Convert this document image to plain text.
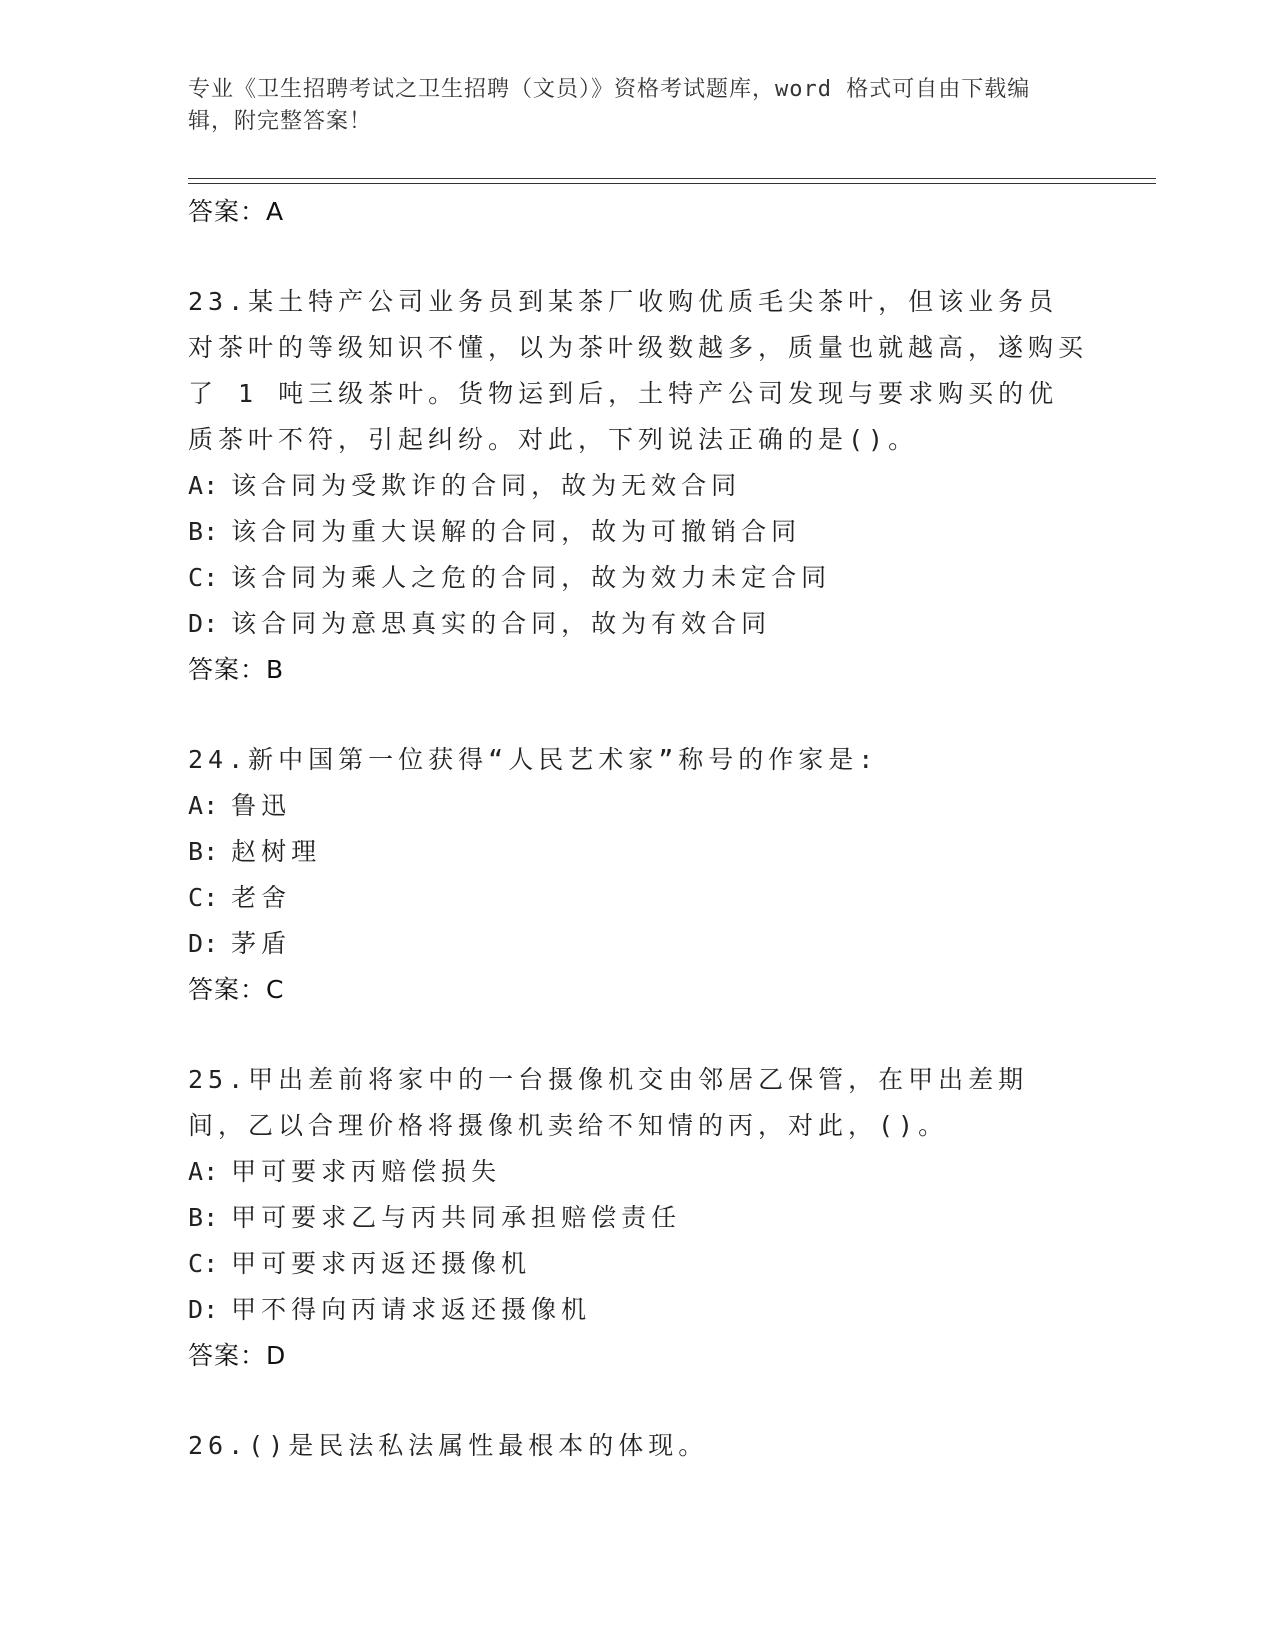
专业《卫生招聘考试之卫生招聘（文员）》资格考试题库，word 格式可自由下载编辑，附完整答案！
答案：A
23.某土特产公司业务员到某茶厂收购优质毛尖茶叶，但该业务员对茶叶的等级知识不懂，以为茶叶级数越多，质量也就越高，遂购买了 1 吨三级茶叶。货物运到后，土特产公司发现与要求购买的优质茶叶不符，引起纠纷。对此，下列说法正确的是()。
A: 该合同为受欺诈的合同，故为无效合同
B: 该合同为重大误解的合同，故为可撤销合同
C: 该合同为乘人之危的合同，故为效力未定合同
D: 该合同为意思真实的合同，故为有效合同
答案：B
24.新中国第一位获得“人民艺术家”称号的作家是:
A: 鲁迅
B: 赵树理
C: 老舍
D: 茅盾
答案：C
25.甲出差前将家中的一台摄像机交由邻居乙保管，在甲出差期间，乙以合理价格将摄像机卖给不知情的丙，对此，()。
A: 甲可要求丙赔偿损失
B: 甲可要求乙与丙共同承担赔偿责任
C: 甲可要求丙返还摄像机
D: 甲不得向丙请求返还摄像机
答案：D
26.()是民法私法属性最根本的体现。
